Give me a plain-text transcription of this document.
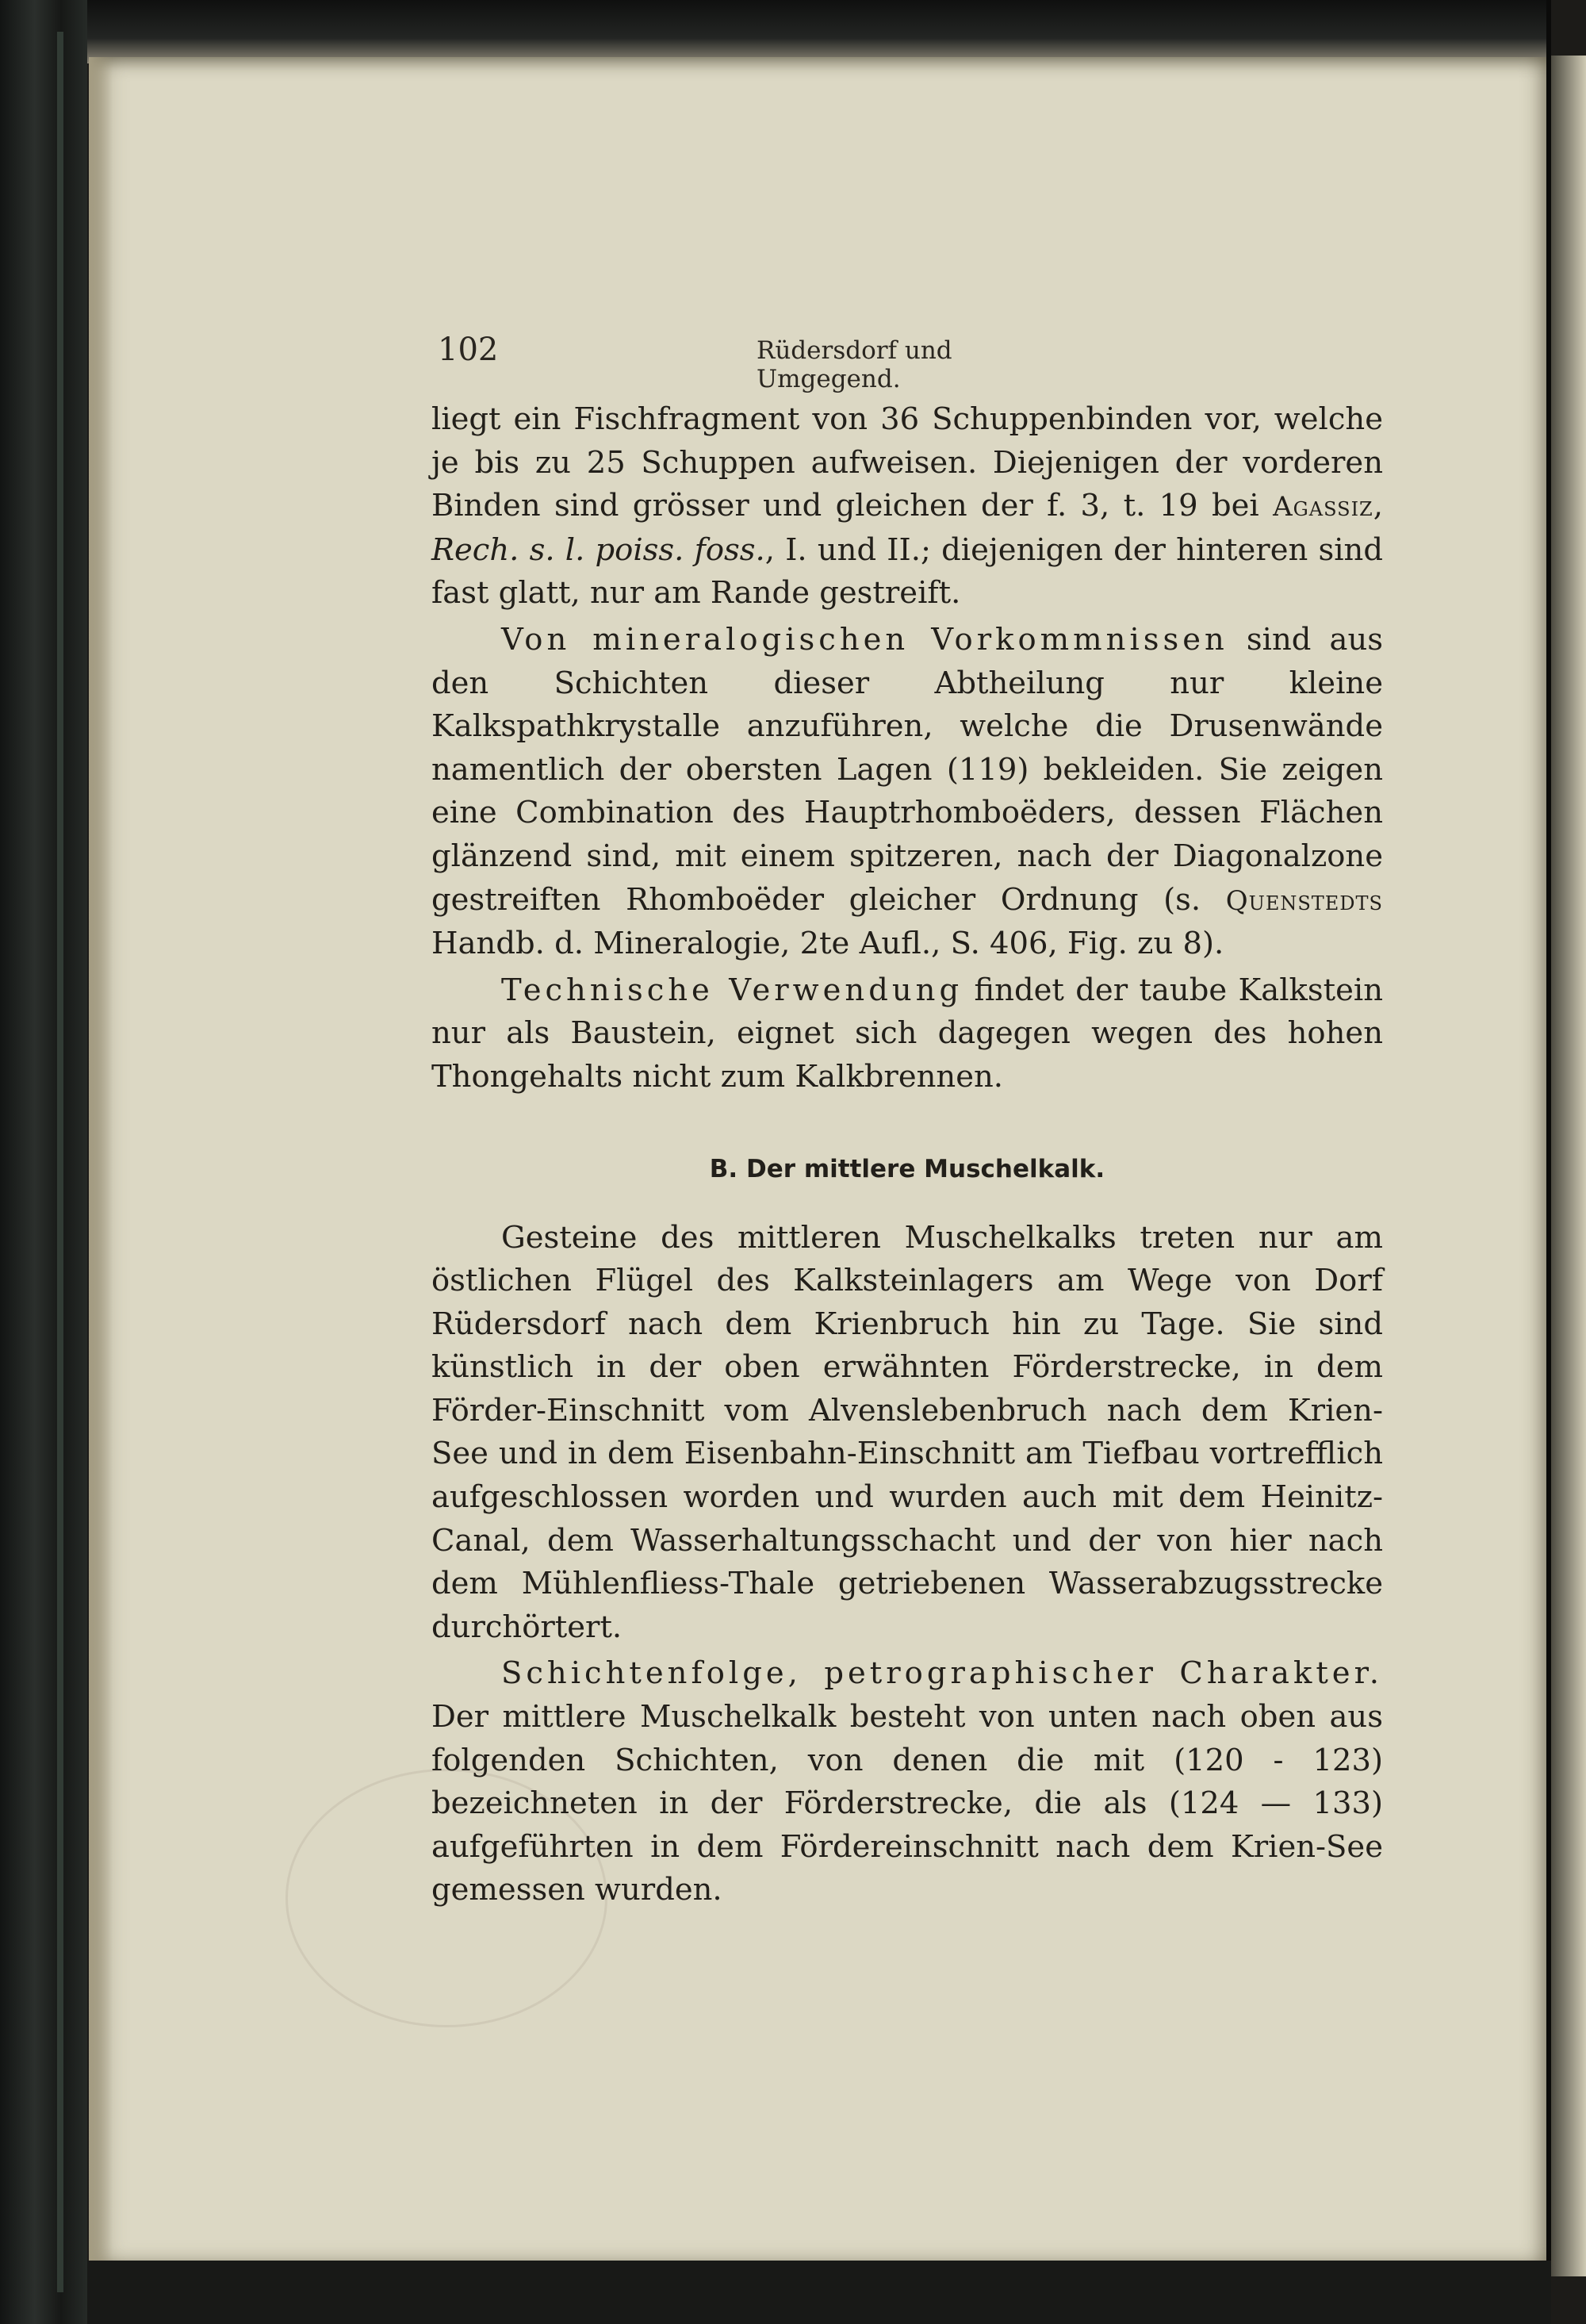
102	Rüdersdorf und Umgegend.

liegt ein Fischfragment von 36 Schuppenbinden vor, welche je bis zu 25 Schuppen aufweisen. Diejenigen der vorderen Binden sind grösser und gleichen der f. 3, t. 19 bei Agassiz, Rech. s. l. poiss. foss., I. und II.; diejenigen der hinteren sind fast glatt, nur am Rande gestreift.

Von mineralogischen Vorkommnissen sind aus den Schichten dieser Abtheilung nur kleine Kalkspathkrystalle anzuführen, welche die Drusenwände namentlich der obersten Lagen (119) bekleiden. Sie zeigen eine Combination des Hauptrhomboëders, dessen Flächen glänzend sind, mit einem spitzeren, nach der Diagonalzone gestreiften Rhomboëder gleicher Ordnung (s. Quenstedts Handb. d. Mineralogie, 2te Aufl., S. 406, Fig. zu 8).

Technische Verwendung findet der taube Kalkstein nur als Baustein, eignet sich dagegen wegen des hohen Thongehalts nicht zum Kalkbrennen.

B. Der mittlere Muschelkalk.

Gesteine des mittleren Muschelkalks treten nur am östlichen Flügel des Kalksteinlagers am Wege von Dorf Rüdersdorf nach dem Krienbruch hin zu Tage. Sie sind künstlich in der oben erwähnten Förderstrecke, in dem Förder-Einschnitt vom Alvenslebenbruch nach dem Krien-See und in dem Eisenbahn-Einschnitt am Tiefbau vortrefflich aufgeschlossen worden und wurden auch mit dem Heinitz-Canal, dem Wasserhaltungsschacht und der von hier nach dem Mühlenfliess-Thale getriebenen Wasserabzugsstrecke durchörtert.

Schichtenfolge, petrographischer Charakter. Der mittlere Muschelkalk besteht von unten nach oben aus folgenden Schichten, von denen die mit (120 - 123) bezeichneten in der Förderstrecke, die als (124 — 133) aufgeführten in dem Fördereinschnitt nach dem Krien-See gemessen wurden.
